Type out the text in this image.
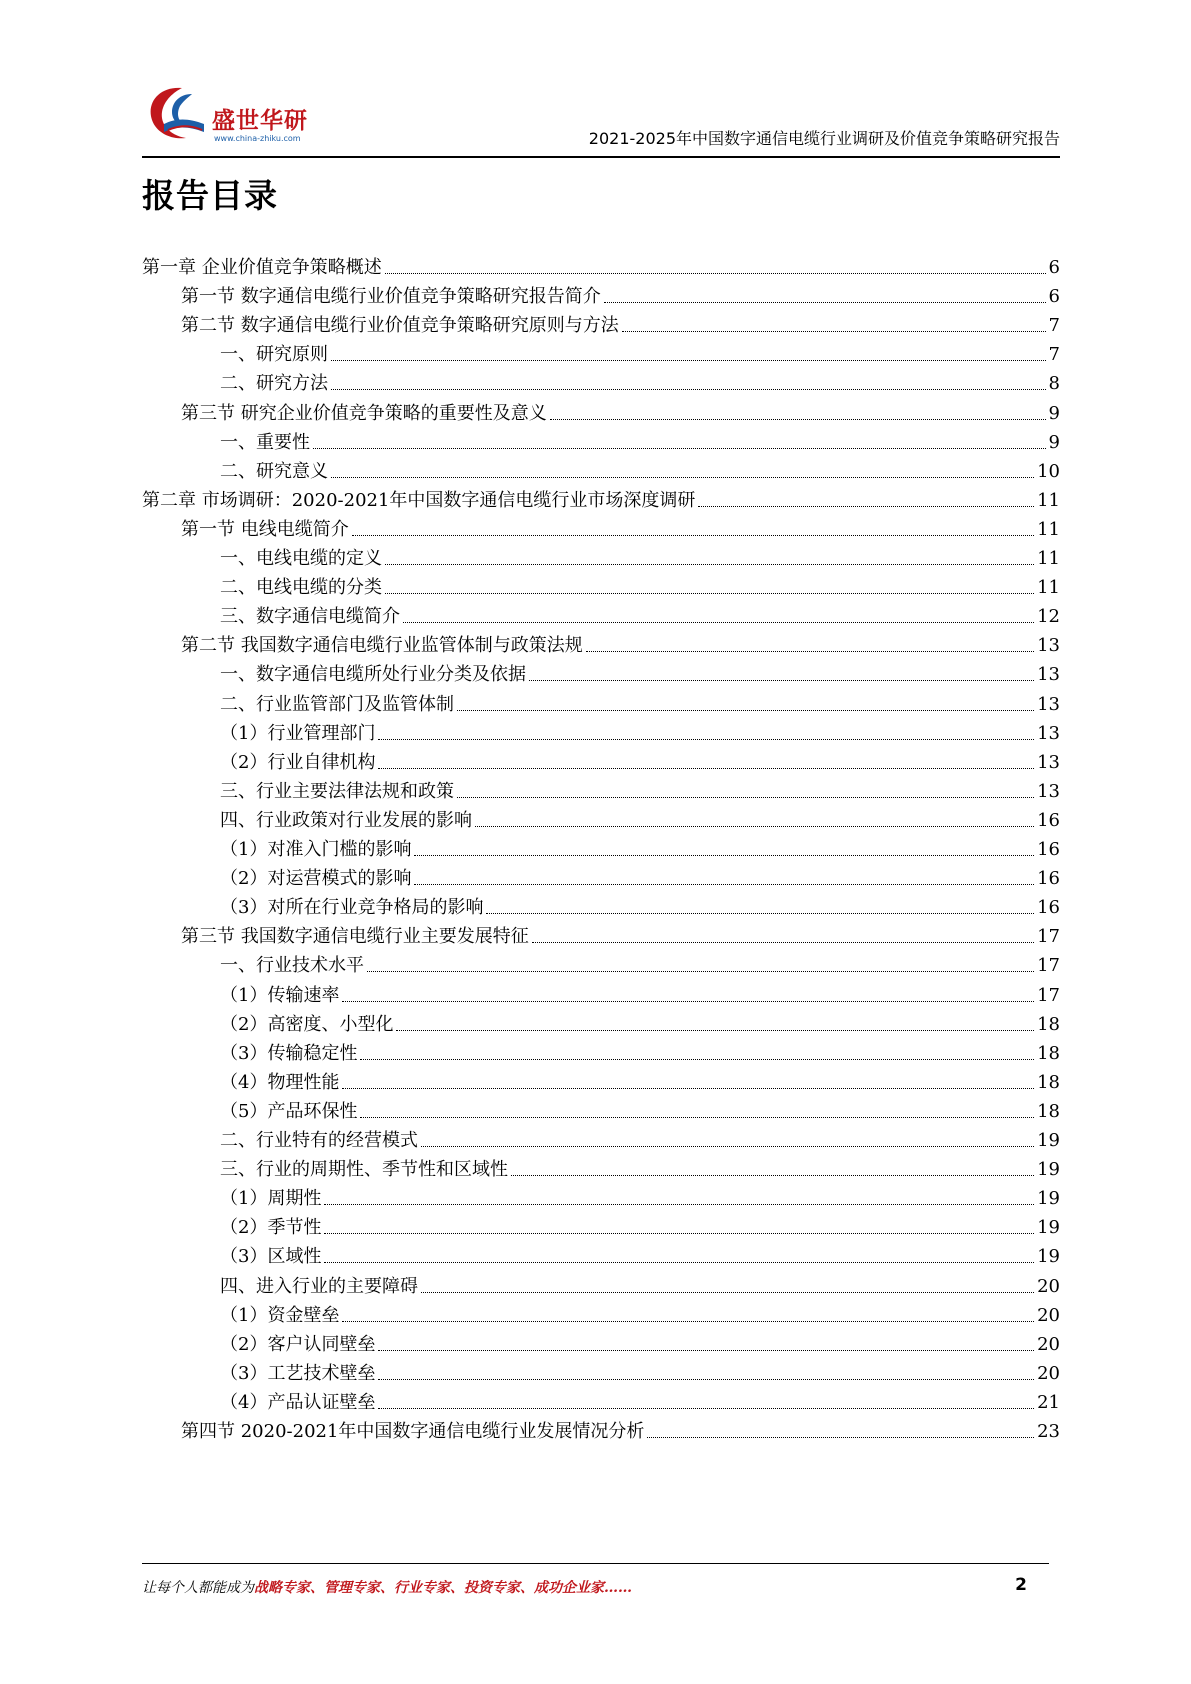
盛世华研
www.china-zhiku.com	2021-2025年中国数字通信电缆行业调研及价值竞争策略研究报告
报告目录
第一章 企业价值竞争策略概述	6
第一节 数字通信电缆行业价值竞争策略研究报告简介	6
第二节 数字通信电缆行业价值竞争策略研究原则与方法	7
一、研究原则	7
二、研究方法	8
第三节 研究企业价值竞争策略的重要性及意义	9
一、重要性	9
二、研究意义	10
第二章 市场调研：2020-2021年中国数字通信电缆行业市场深度调研	11
第一节 电线电缆简介	11
一、电线电缆的定义	11
二、电线电缆的分类	11
三、数字通信电缆简介	12
第二节 我国数字通信电缆行业监管体制与政策法规	13
一、数字通信电缆所处行业分类及依据	13
二、行业监管部门及监管体制	13
（1）行业管理部门	13
（2）行业自律机构	13
三、行业主要法律法规和政策	13
四、行业政策对行业发展的影响	16
（1）对准入门槛的影响	16
（2）对运营模式的影响	16
（3）对所在行业竞争格局的影响	16
第三节 我国数字通信电缆行业主要发展特征	17
一、行业技术水平	17
（1）传输速率	17
（2）高密度、小型化	18
（3）传输稳定性	18
（4）物理性能	18
（5）产品环保性	18
二、行业特有的经营模式	19
三、行业的周期性、季节性和区域性	19
（1）周期性	19
（2）季节性	19
（3）区域性	19
四、进入行业的主要障碍	20
（1）资金壁垒	20
（2）客户认同壁垒	20
（3）工艺技术壁垒	20
（4）产品认证壁垒	21
第四节 2020-2021年中国数字通信电缆行业发展情况分析	23
让每个人都能成为战略专家、管理专家、行业专家、投资专家、成功企业家……	2
